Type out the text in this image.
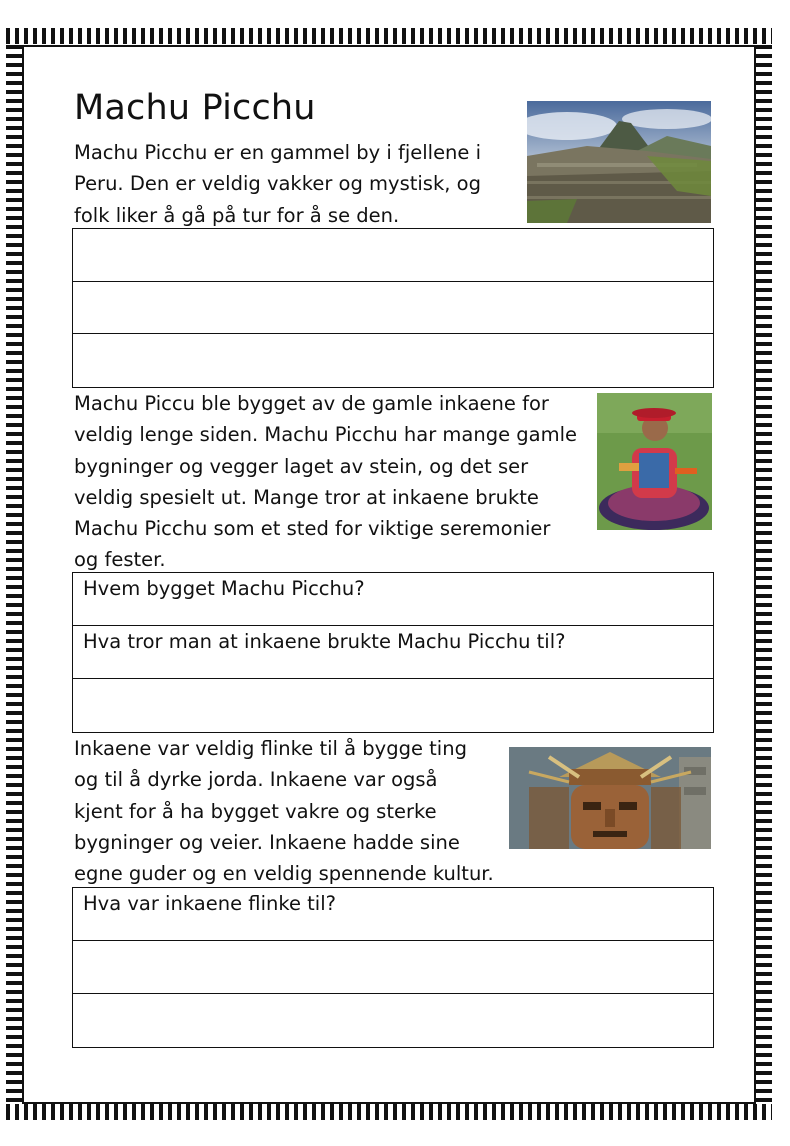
Machu Picchu
Machu Picchu er en gammel by i fjellene i
Peru. Den er veldig vakker og mystisk, og
folk liker å gå på tur for å se den.
Machu Piccu ble bygget av de gamle inkaene for
veldig lenge siden. Machu Picchu har mange gamle
bygninger og vegger laget av stein, og det ser
veldig spesielt ut. Mange tror at inkaene brukte
Machu Picchu som et sted for viktige seremonier
og fester.
Hvem bygget Machu Picchu?
Hva tror man at inkaene brukte Machu Picchu til?
Inkaene var veldig flinke til å bygge ting
og til å dyrke jorda. Inkaene var også
kjent for å ha bygget vakre og sterke
bygninger og veier. Inkaene hadde sine
egne guder og en veldig spennende kultur.
Hva var inkaene flinke til?
